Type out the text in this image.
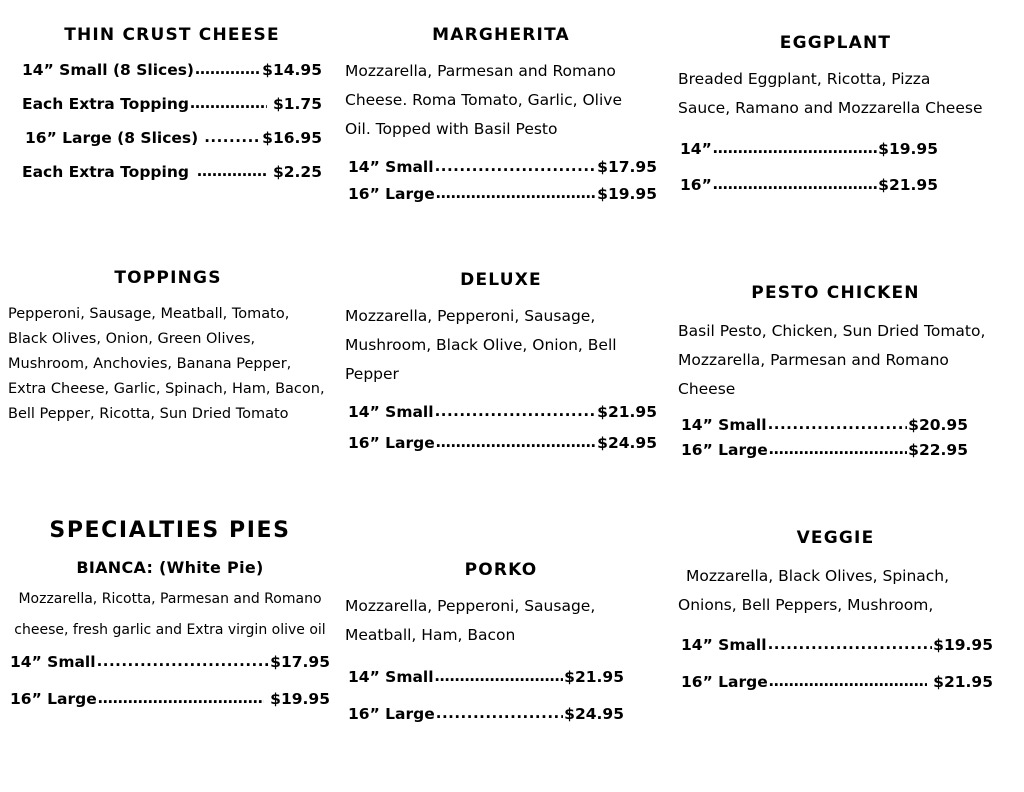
THIN CRUST CHEESE
14” Small (8 Slices) ……………………………………………………………………………………………………	$14.95
Each Extra Topping ……………………………………………………………………………………………………	$1.75
16” Large (8 Slices) .....	$16.95
Each Extra Topping ……………………………………………………………………………………………………	$2.25
MARGHERITA
Mozzarella, Parmesan and Romano
Cheese. Roma Tomato, Garlic, Olive
Oil. Topped with Basil Pesto
14” Small .....	$17.95
16” Large ……………………………………………………………………………………………………	$19.95
EGGPLANT
Breaded Eggplant, Ricotta, Pizza
Sauce, Ramano and Mozzarella Cheese
14” ……………………………………………………………………………………………………	$19.95
16” ……………………………………………………………………………………………………	$21.95
TOPPINGS
Pepperoni, Sausage, Meatball, Tomato,
Black Olives, Onion, Green Olives,
Mushroom, Anchovies, Banana Pepper,
Extra Cheese, Garlic, Spinach, Ham, Bacon,
Bell Pepper, Ricotta, Sun Dried Tomato
DELUXE
Mozzarella, Pepperoni, Sausage,
Mushroom, Black Olive, Onion, Bell
Pepper
14” Small .....	$21.95
16” Large ……………………………………………………………………………………………………	$24.95
PESTO CHICKEN
Basil Pesto, Chicken, Sun Dried Tomato,
Mozzarella, Parmesan and Romano
Cheese
14” Small .....	$20.95
16” Large ……………………………………………………………………………………………………	$22.95
SPECIALTIES PIES
BIANCA: (White Pie)
Mozzarella, Ricotta, Parmesan and Romano
cheese, fresh garlic and Extra virgin olive oil
14” Small .....	$17.95
16” Large ……………………………………………………………………………………………………	$19.95
PORKO
Mozzarella, Pepperoni, Sausage,
Meatball, Ham, Bacon
14” Small ……………………………………………………………………………………………………	$21.95
16” Large .....	$24.95
VEGGIE
Mozzarella, Black Olives, Spinach,
Onions, Bell Peppers, Mushroom,
14” Small .....	$19.95
16” Large ……………………………………………………………………………………………………	$21.95
